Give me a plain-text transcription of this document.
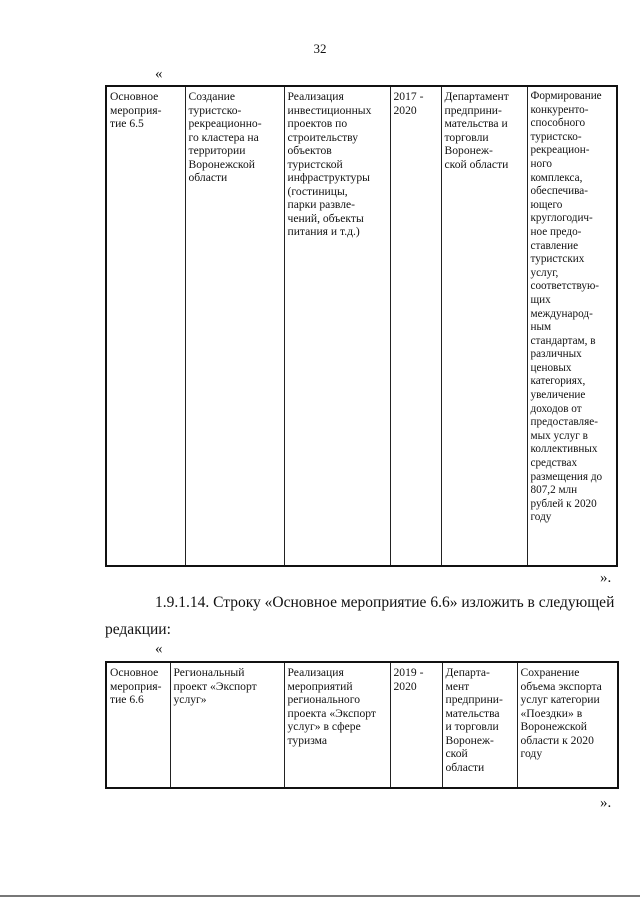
32
«
Основное
мероприя-
тие 6.5	Создание
туристско-
рекреационно-
го кластера на
территории
Воронежской
области	Реализация
инвестиционных
проектов по
строительству
объектов
туристской
инфраструктуры
(гостиницы,
парки развле-
чений, объекты
питания и т.д.)	2017 -
2020	Департамент
предприни-
мательства и
торговли
Воронеж-
ской области	Формирование
конкуренто-
способного
туристско-
рекреацион-
ного
комплекса,
обеспечива-
ющего
круглогодич-
ное предо-
ставление
туристских
услуг,
соответствую-
щих
международ-
ным
стандартам, в
различных
ценовых
категориях,
увеличение
доходов от
предоставляе-
мых услуг в
коллективных
средствах
размещения до
807,2 млн
рублей к 2020
году
».
1.9.1.14. Строку «Основное мероприятие 6.6» изложить в следующей
редакции:
«
Основное
мероприя-
тие 6.6	Региональный
проект «Экспорт
услуг»	Реализация
мероприятий
регионального
проекта «Экспорт
услуг» в сфере
туризма	2019 -
2020	Департа-
мент
предприни-
мательства
и торговли
Воронеж-
ской
области	Сохранение
объема экспорта
услуг категории
«Поездки» в
Воронежской
области к 2020
году
».
